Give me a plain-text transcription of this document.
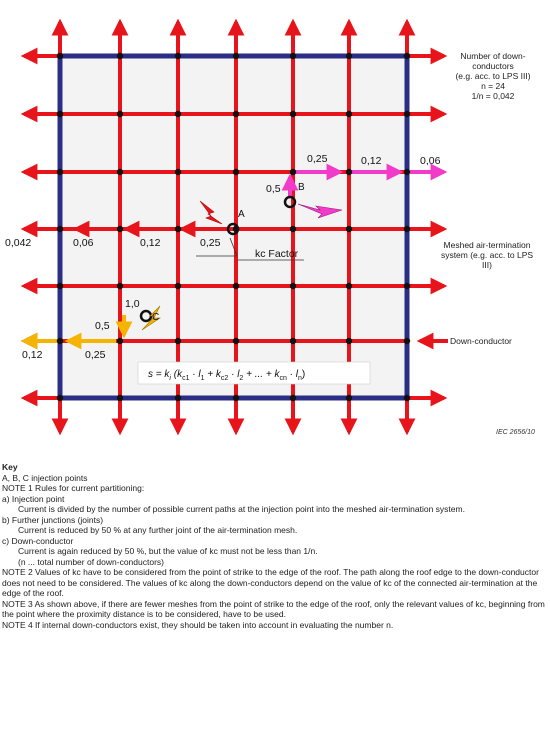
kc Factor
$s = k_i$ ($k_{c1} \cdot l_1 + k_{c2} \cdot l_2$ + ... + $k_{cn} \cdot l_n$)
A
B
C
0,042	0,06	0,12	0,25
0,5
0,25	0,12	0,06
1,0
0,5
0,12	0,25
Number of down-
conductors
(e.g. acc. to LPS III)
n = 24
1/n = 0,042
Meshed air-termination
system (e.g. acc. to LPS
III)
Down-conductor
IEC 2656/10

Key

A, B, C injection points

NOTE 1 Rules for current partitioning:

a) Injection point

Current is divided by the number of possible current paths at the injection point into the meshed air-termination system.

b) Further junctions (joints)

Current is reduced by 50 % at any further joint of the air-termination mesh.

c) Down-conductor

Current is again reduced by 50 %, but the value of kc must not be less than 1/n.

(n ... total number of down-conductors)

NOTE 2 Values of kc have to be considered from the point of strike to the edge of the roof. The path along the roof edge to the down-conductor does not need to be considered. The values of kc along the down-conductors depend on the value of kc of the connected air-termination at the edge of the roof.

NOTE 3 As shown above, if there are fewer meshes from the point of strike to the edge of the roof, only the relevant values of kc, beginning from the point where the proximity distance is to be considered, have to be used.

NOTE 4 If internal down-conductors exist, they should be taken into account in evaluating the number n.
